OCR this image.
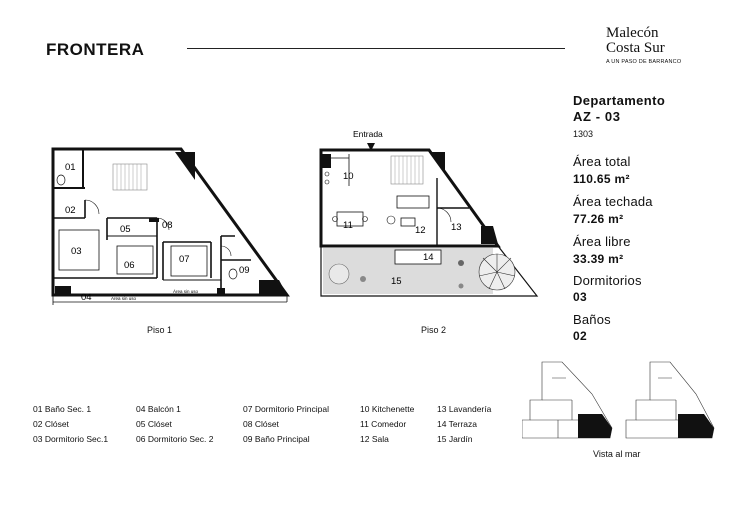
FRONTERA
Malecón
Costa Sur
A UN PASO DE BARRANCO
Departamento
AZ - 03
1303
Área total
110.65 m²
Área techada
77.26 m²
Área libre
33.39 m²
Dormitorios
03
Baños
02
01
02
03
04
05
06
07
08
09
Área sin uso
Área sin uso
Piso 1
Entrada
10
11	12	13
14
15
Piso 2
01 Baño Sec. 1
02 Clóset
03 Dormitorio Sec.1
04 Balcón 1
05 Clóset
06 Dormitorio Sec. 2
07 Dormitorio Principal
08 Clóset
09 Baño Principal
10 Kitchenette
11 Comedor
12 Sala
13 Lavandería
14 Terraza
15 Jardín
Vista al mar
